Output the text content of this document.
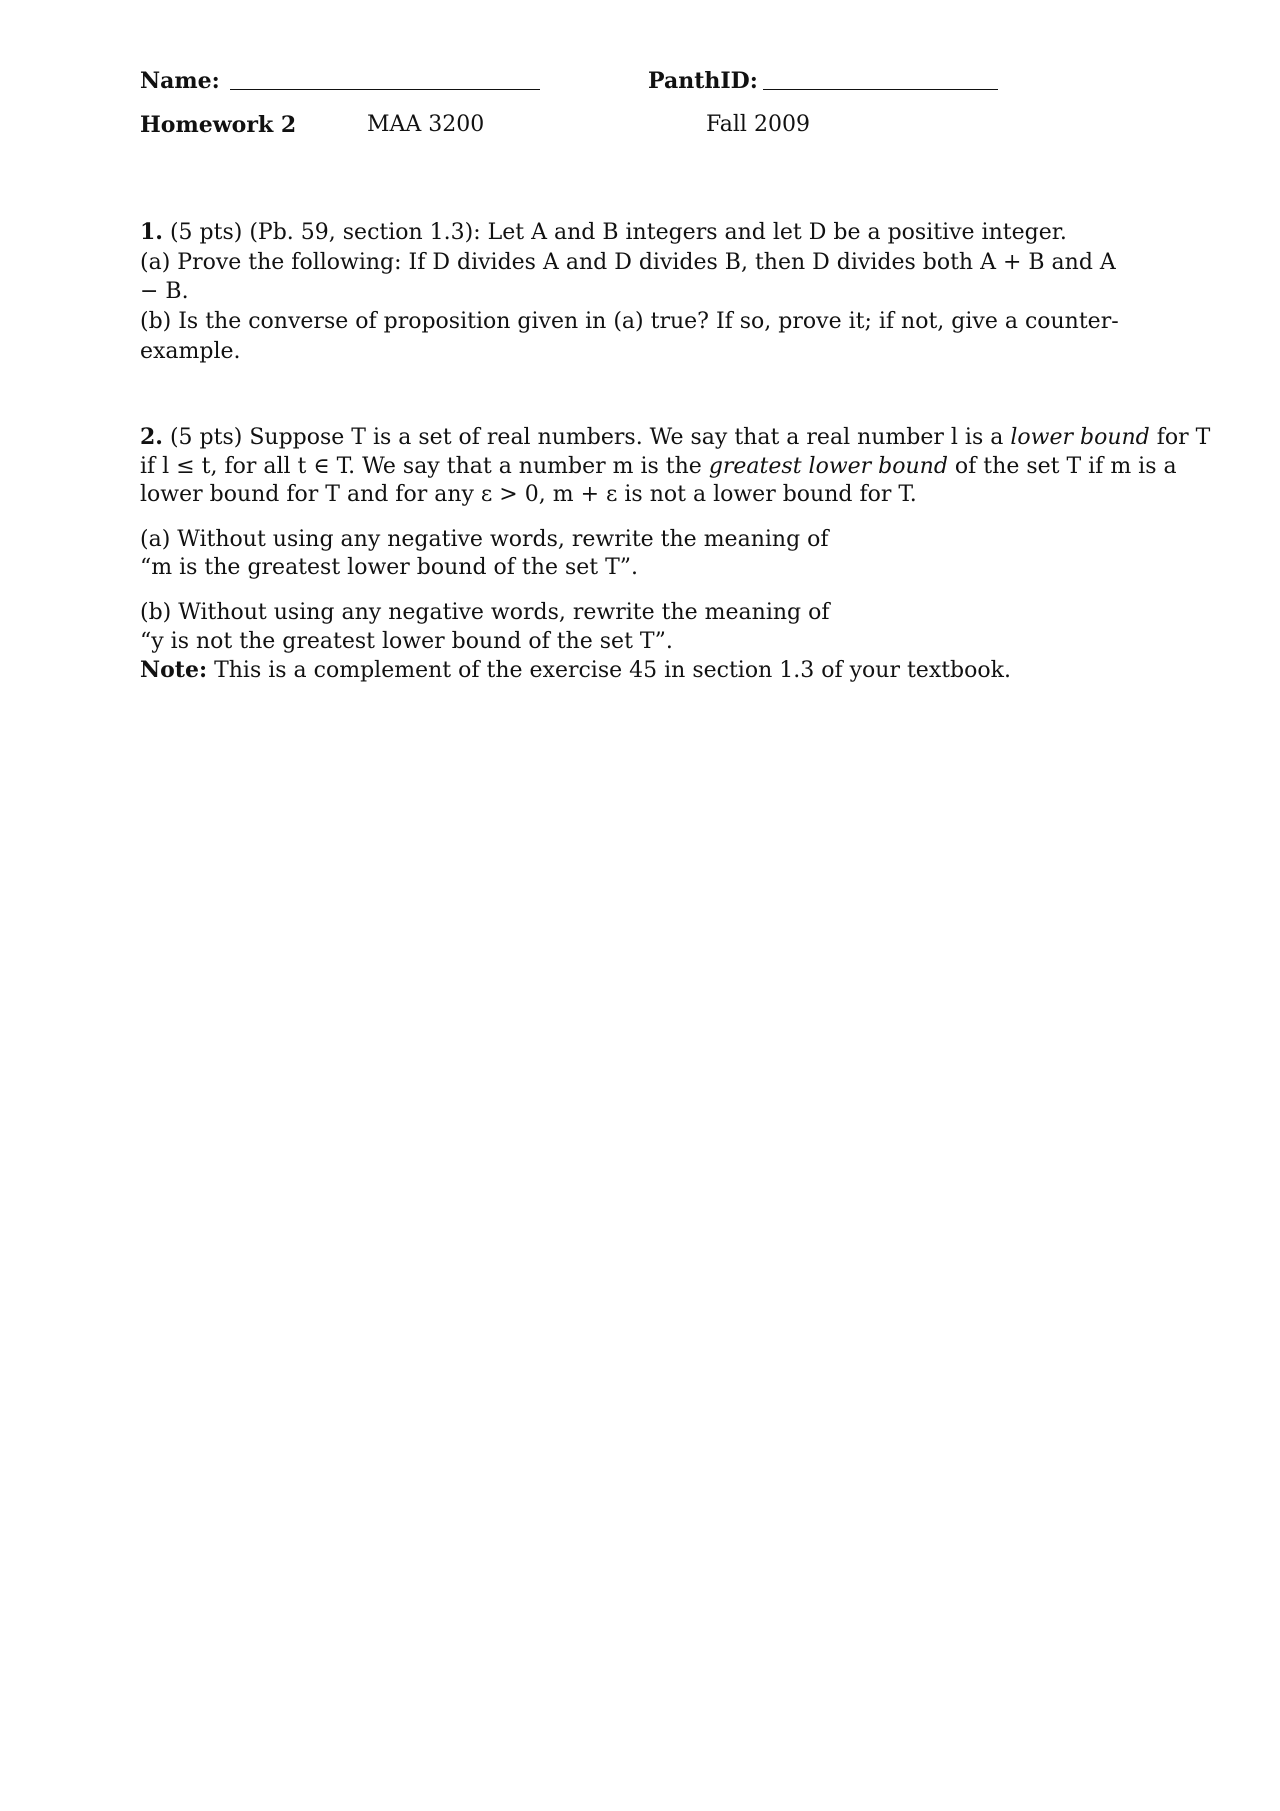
Name:	PanthID:
Homework 2	MAA 3200	Fall 2009

1. (5 pts) (Pb. 59, section 1.3): Let A and B integers and let D be a positive integer.

(a) Prove the following: If D divides A and D divides B, then D divides both A + B and A − B.

(b) Is the converse of proposition given in (a) true? If so, prove it; if not, give a counter-example.

2. (5 pts) Suppose T is a set of real numbers. We say that a real number l is a lower bound for T if l ≤ t, for all t ∈ T. We say that a number m is the greatest lower bound of the set T if m is a lower bound for T and for any ε > 0, m + ε is not a lower bound for T.

(a) Without using any negative words, rewrite the meaning of

“m is the greatest lower bound of the set T”.

(b) Without using any negative words, rewrite the meaning of

“y is not the greatest lower bound of the set T”.

Note: This is a complement of the exercise 45 in section 1.3 of your textbook.
